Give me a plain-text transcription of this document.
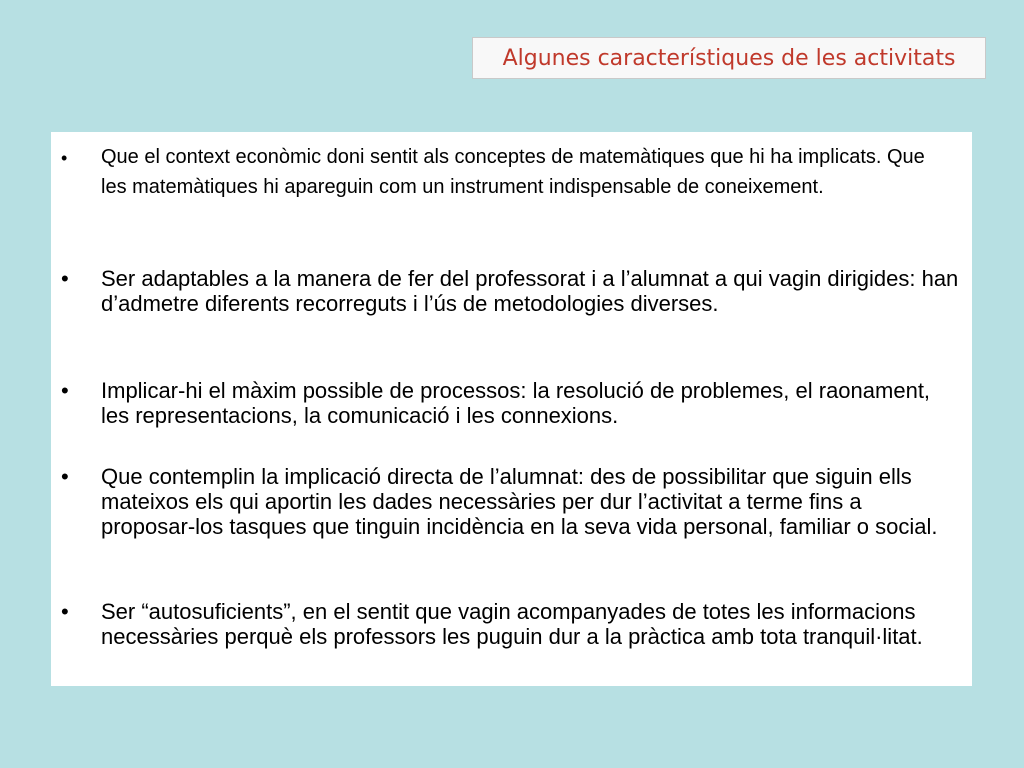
Algunes característiques de les activitats
• Que el context econòmic doni sentit als conceptes de matemàtiques que hi ha implicats. Que les matemàtiques hi apareguin com un instrument indispensable de coneixement.
• Ser adaptables a la manera de fer del professorat i a l’alumnat a qui vagin dirigides: han d’admetre diferents recorreguts i l’ús de metodologies diverses.
• Implicar-hi el màxim possible de processos: la resolució de problemes, el raonament, les representacions, la comunicació i les connexions.
• Que contemplin la implicació directa de l’alumnat: des de possibilitar que siguin ells mateixos els qui aportin les dades necessàries per dur l’activitat a terme fins a proposar-los tasques que tinguin incidència en la seva vida personal, familiar o social.
• Ser “autosuficients”, en el sentit que vagin acompanyades de totes les informacions necessàries perquè els professors les puguin dur a la pràctica amb tota tranquil·litat.
